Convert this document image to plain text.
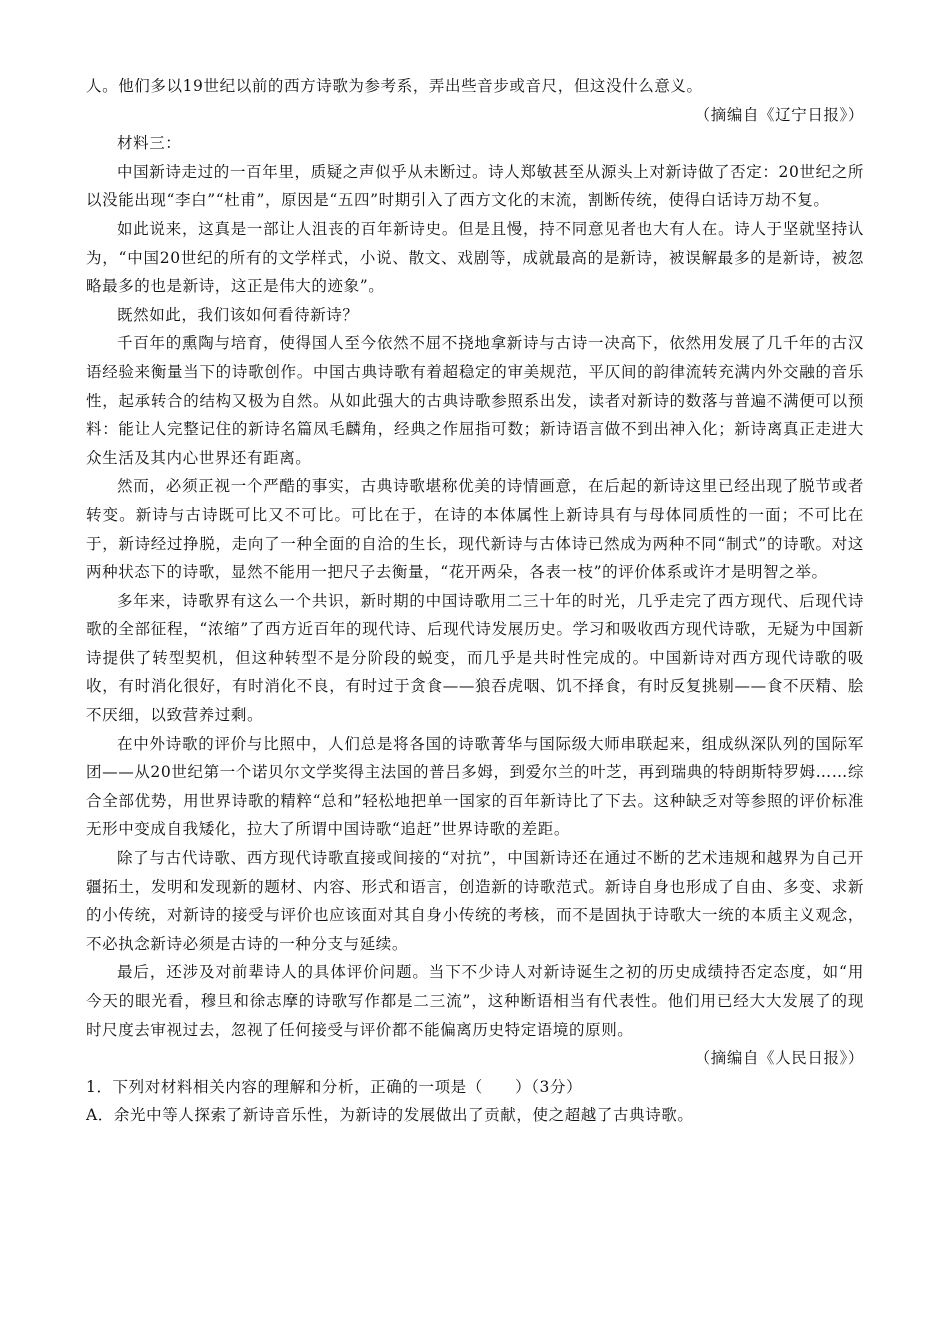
人。他们多以19世纪以前的西方诗歌为参考系，弄出些音步或音尺，但这没什么意义。

（摘编自《辽宁日报》）

材料三：

中国新诗走过的一百年里，质疑之声似乎从未断过。诗人郑敏甚至从源头上对新诗做了否定：20世纪之所以没能出现“李白”“杜甫”，原因是“五四”时期引入了西方文化的末流，割断传统，使得白话诗万劫不复。

如此说来，这真是一部让人沮丧的百年新诗史。但是且慢，持不同意见者也大有人在。诗人于坚就坚持认为，“中国20世纪的所有的文学样式，小说、散文、戏剧等，成就最高的是新诗，被误解最多的是新诗，被忽略最多的也是新诗，这正是伟大的迹象”。

既然如此，我们该如何看待新诗？

千百年的熏陶与培育，使得国人至今依然不屈不挠地拿新诗与古诗一决高下，依然用发展了几千年的古汉语经验来衡量当下的诗歌创作。中国古典诗歌有着超稳定的审美规范，平仄间的韵律流转充满内外交融的音乐性，起承转合的结构又极为自然。从如此强大的古典诗歌参照系出发，读者对新诗的数落与普遍不满便可以预料：能让人完整记住的新诗名篇凤毛麟角，经典之作屈指可数；新诗语言做不到出神入化；新诗离真正走进大众生活及其内心世界还有距离。

然而，必须正视一个严酷的事实，古典诗歌堪称优美的诗情画意，在后起的新诗这里已经出现了脱节或者转变。新诗与古诗既可比又不可比。可比在于，在诗的本体属性上新诗具有与母体同质性的一面；不可比在于，新诗经过挣脱，走向了一种全面的自洽的生长，现代新诗与古体诗已然成为两种不同“制式”的诗歌。对这两种状态下的诗歌，显然不能用一把尺子去衡量，“花开两朵，各表一枝”的评价体系或许才是明智之举。

多年来，诗歌界有这么一个共识，新时期的中国诗歌用二三十年的时光，几乎走完了西方现代、后现代诗歌的全部征程，“浓缩”了西方近百年的现代诗、后现代诗发展历史。学习和吸收西方现代诗歌，无疑为中国新诗提供了转型契机，但这种转型不是分阶段的蜕变，而几乎是共时性完成的。中国新诗对西方现代诗歌的吸收，有时消化很好，有时消化不良，有时过于贪食——狼吞虎咽、饥不择食，有时反复挑剔——食不厌精、脍不厌细，以致营养过剩。

在中外诗歌的评价与比照中，人们总是将各国的诗歌菁华与国际级大师串联起来，组成纵深队列的国际军团——从20世纪第一个诺贝尔文学奖得主法国的普吕多姆，到爱尔兰的叶芝，再到瑞典的特朗斯特罗姆……综合全部优势，用世界诗歌的精粹“总和”轻松地把单一国家的百年新诗比了下去。这种缺乏对等参照的评价标准无形中变成自我矮化，拉大了所谓中国诗歌“追赶”世界诗歌的差距。

除了与古代诗歌、西方现代诗歌直接或间接的“对抗”，中国新诗还在通过不断的艺术违规和越界为自己开疆拓土，发明和发现新的题材、内容、形式和语言，创造新的诗歌范式。新诗自身也形成了自由、多变、求新的小传统，对新诗的接受与评价也应该面对其自身小传统的考核，而不是固执于诗歌大一统的本质主义观念，不必执念新诗必须是古诗的一种分支与延续。

最后，还涉及对前辈诗人的具体评价问题。当下不少诗人对新诗诞生之初的历史成绩持否定态度，如“用今天的眼光看，穆旦和徐志摩的诗歌写作都是二三流”，这种断语相当有代表性。他们用已经大大发展了的现时尺度去审视过去，忽视了任何接受与评价都不能偏离历史特定语境的原则。

（摘编自《人民日报》）

1．下列对材料相关内容的理解和分析，正确的一项是（　　）（3分）

A．余光中等人探索了新诗音乐性，为新诗的发展做出了贡献，使之超越了古典诗歌。
